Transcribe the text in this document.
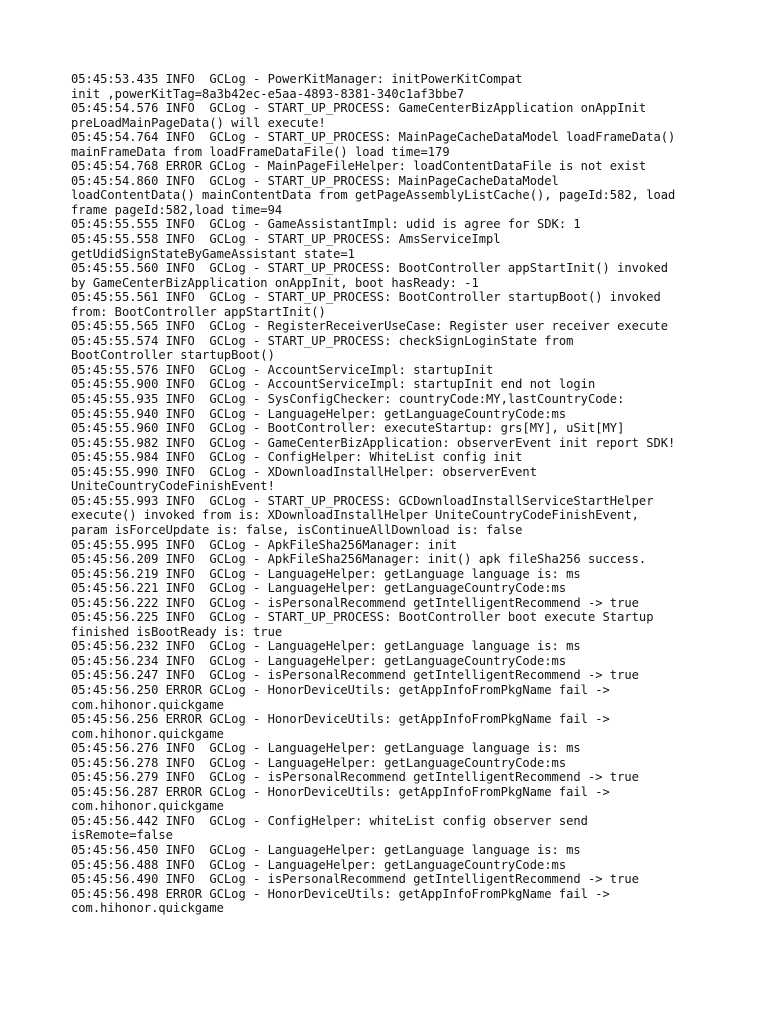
05:45:53.435 INFO  GCLog - PowerKitManager: initPowerKitCompat
init ,powerKitTag=8a3b42ec-e5aa-4893-8381-340c1af3bbe7
05:45:54.576 INFO  GCLog - START_UP_PROCESS: GameCenterBizApplication onAppInit
preLoadMainPageData() will execute!
05:45:54.764 INFO  GCLog - START_UP_PROCESS: MainPageCacheDataModel loadFrameData()
mainFrameData from loadFrameDataFile() load time=179
05:45:54.768 ERROR GCLog - MainPageFileHelper: loadContentDataFile is not exist
05:45:54.860 INFO  GCLog - START_UP_PROCESS: MainPageCacheDataModel
loadContentData() mainContentData from getPageAssemblyListCache(), pageId:582, load
frame pageId:582,load time=94
05:45:55.555 INFO  GCLog - GameAssistantImpl: udid is agree for SDK: 1
05:45:55.558 INFO  GCLog - START_UP_PROCESS: AmsServiceImpl
getUdidSignStateByGameAssistant state=1
05:45:55.560 INFO  GCLog - START_UP_PROCESS: BootController appStartInit() invoked
by GameCenterBizApplication onAppInit, boot hasReady: -1
05:45:55.561 INFO  GCLog - START_UP_PROCESS: BootController startupBoot() invoked
from: BootController appStartInit()
05:45:55.565 INFO  GCLog - RegisterReceiverUseCase: Register user receiver execute
05:45:55.574 INFO  GCLog - START_UP_PROCESS: checkSignLoginState from
BootController startupBoot()
05:45:55.576 INFO  GCLog - AccountServiceImpl: startupInit
05:45:55.900 INFO  GCLog - AccountServiceImpl: startupInit end not login
05:45:55.935 INFO  GCLog - SysConfigChecker: countryCode:MY,lastCountryCode:
05:45:55.940 INFO  GCLog - LanguageHelper: getLanguageCountryCode:ms
05:45:55.960 INFO  GCLog - BootController: executeStartup: grs[MY], uSit[MY]
05:45:55.982 INFO  GCLog - GameCenterBizApplication: observerEvent init report SDK!
05:45:55.984 INFO  GCLog - ConfigHelper: WhiteList config init
05:45:55.990 INFO  GCLog - XDownloadInstallHelper: observerEvent
UniteCountryCodeFinishEvent!
05:45:55.993 INFO  GCLog - START_UP_PROCESS: GCDownloadInstallServiceStartHelper
execute() invoked from is: XDownloadInstallHelper UniteCountryCodeFinishEvent,
param isForceUpdate is: false, isContinueAllDownload is: false
05:45:55.995 INFO  GCLog - ApkFileSha256Manager: init
05:45:56.209 INFO  GCLog - ApkFileSha256Manager: init() apk fileSha256 success.
05:45:56.219 INFO  GCLog - LanguageHelper: getLanguage language is: ms
05:45:56.221 INFO  GCLog - LanguageHelper: getLanguageCountryCode:ms
05:45:56.222 INFO  GCLog - isPersonalRecommend getIntelligentRecommend -> true
05:45:56.225 INFO  GCLog - START_UP_PROCESS: BootController boot execute Startup
finished isBootReady is: true
05:45:56.232 INFO  GCLog - LanguageHelper: getLanguage language is: ms
05:45:56.234 INFO  GCLog - LanguageHelper: getLanguageCountryCode:ms
05:45:56.247 INFO  GCLog - isPersonalRecommend getIntelligentRecommend -> true
05:45:56.250 ERROR GCLog - HonorDeviceUtils: getAppInfoFromPkgName fail ->
com.hihonor.quickgame
05:45:56.256 ERROR GCLog - HonorDeviceUtils: getAppInfoFromPkgName fail ->
com.hihonor.quickgame
05:45:56.276 INFO  GCLog - LanguageHelper: getLanguage language is: ms
05:45:56.278 INFO  GCLog - LanguageHelper: getLanguageCountryCode:ms
05:45:56.279 INFO  GCLog - isPersonalRecommend getIntelligentRecommend -> true
05:45:56.287 ERROR GCLog - HonorDeviceUtils: getAppInfoFromPkgName fail ->
com.hihonor.quickgame
05:45:56.442 INFO  GCLog - ConfigHelper: whiteList config observer send
isRemote=false
05:45:56.450 INFO  GCLog - LanguageHelper: getLanguage language is: ms
05:45:56.488 INFO  GCLog - LanguageHelper: getLanguageCountryCode:ms
05:45:56.490 INFO  GCLog - isPersonalRecommend getIntelligentRecommend -> true
05:45:56.498 ERROR GCLog - HonorDeviceUtils: getAppInfoFromPkgName fail ->
com.hihonor.quickgame
